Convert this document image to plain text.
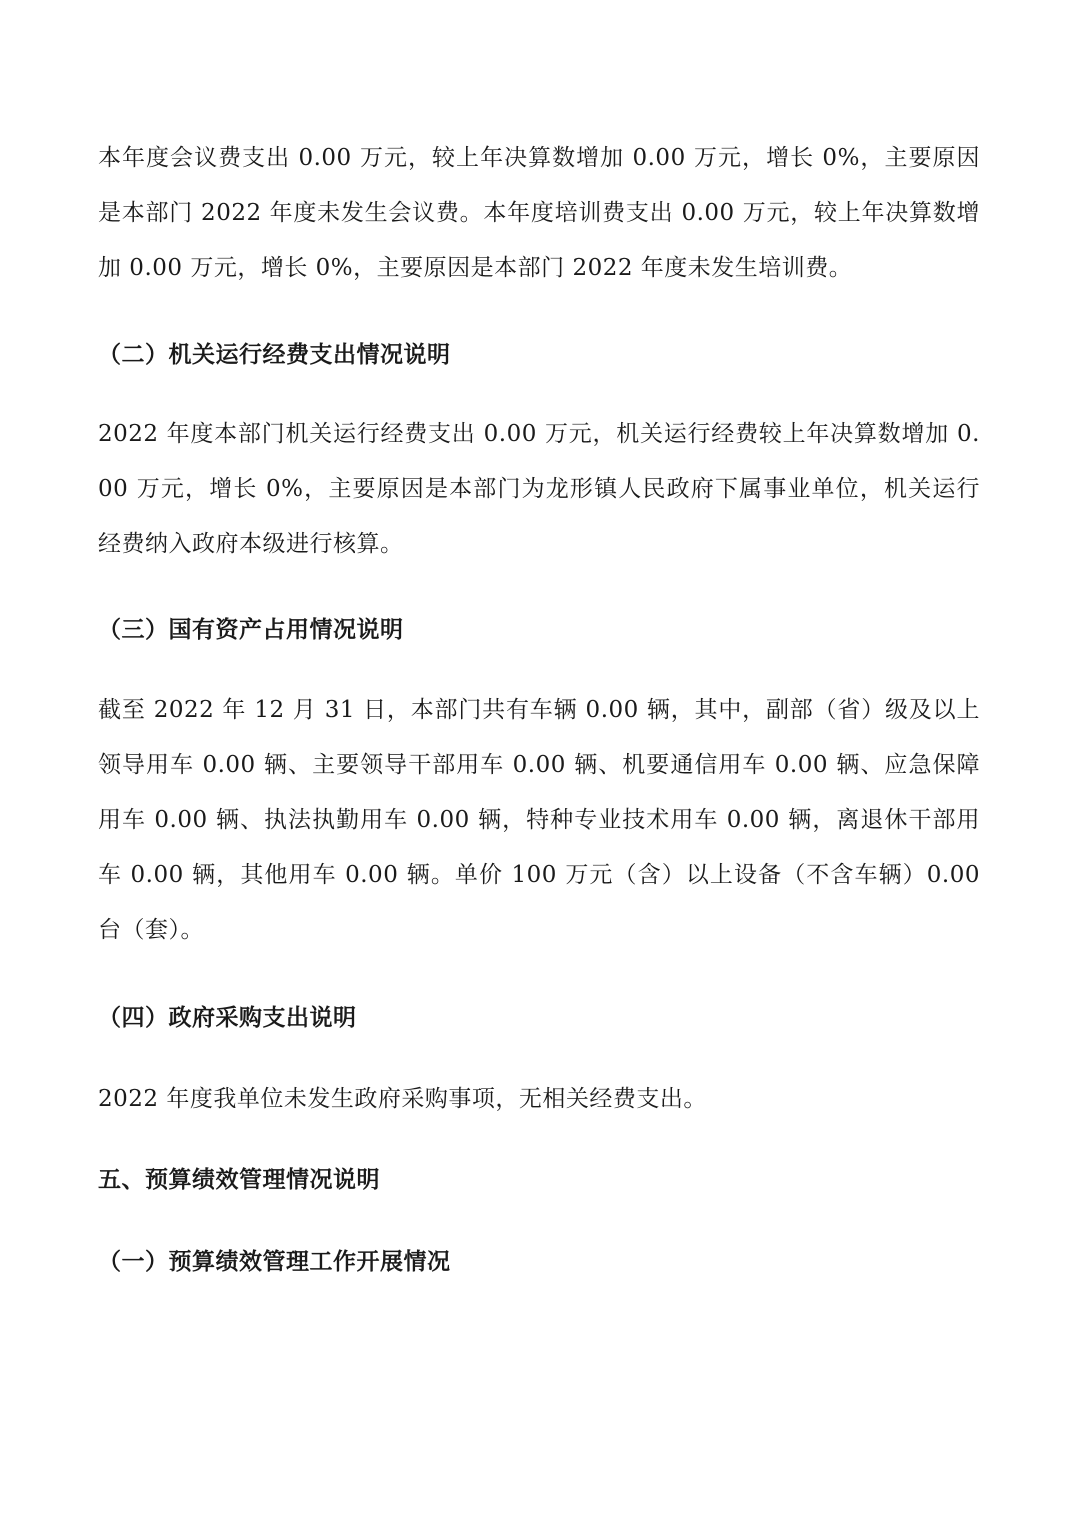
本年度会议费支出 0.00 万元，较上年决算数增加 0.00 万元，增长 0%，主要原因是本部门 2022 年度未发生会议费。本年度培训费支出 0.00 万元，较上年决算数增加 0.00 万元，增长 0%，主要原因是本部门 2022 年度未发生培训费。

（二）机关运行经费支出情况说明

2022 年度本部门机关运行经费支出 0.00 万元，机关运行经费较上年决算数增加 0.00 万元，增长 0%，主要原因是本部门为龙形镇人民政府下属事业单位，机关运行经费纳入政府本级进行核算。

（三）国有资产占用情况说明

截至 2022 年 12 月 31 日，本部门共有车辆 0.00 辆，其中，副部（省）级及以上领导用车 0.00 辆、主要领导干部用车 0.00 辆、机要通信用车 0.00 辆、应急保障用车 0.00 辆、执法执勤用车 0.00 辆，特种专业技术用车 0.00 辆，离退休干部用车 0.00 辆，其他用车 0.00 辆。单价 100 万元（含）以上设备（不含车辆）0.00 台（套）。

（四）政府采购支出说明

2022 年度我单位未发生政府采购事项，无相关经费支出。

五、预算绩效管理情况说明
（一）预算绩效管理工作开展情况
